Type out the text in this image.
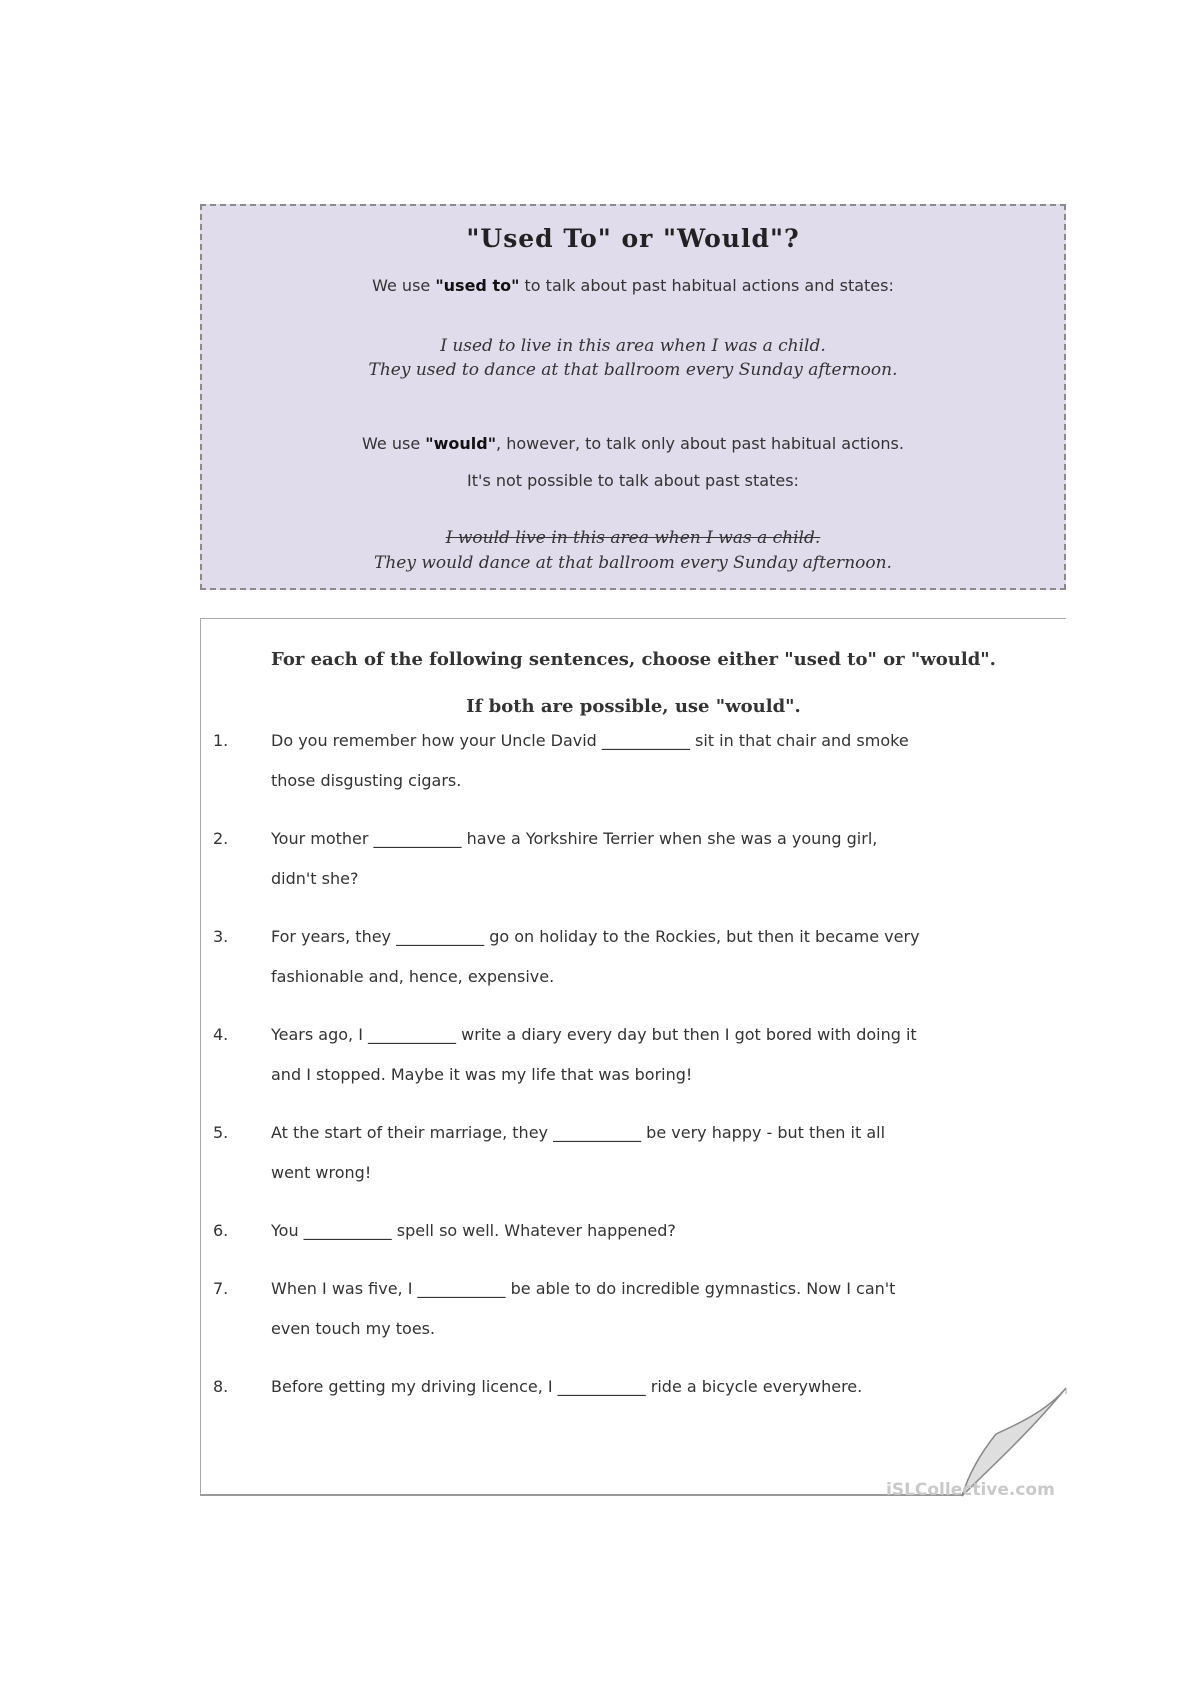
"Used To" or "Would"?
We use "used to" to talk about past habitual actions and states:
I used to live in this area when I was a child.
They used to dance at that ballroom every Sunday afternoon.
We use "would", however, to talk only about past habitual actions.
It's not possible to talk about past states:
I would live in this area when I was a child.
They would dance at that ballroom every Sunday afternoon.
For each of the following sentences, choose either "used to" or "would".
If both are possible, use "would".
1.	Do you remember how your Uncle David ___________ sit in that chair and smoke
those disgusting cigars.
2.	Your mother ___________ have a Yorkshire Terrier when she was a young girl,
didn't she?
3.	For years, they ___________ go on holiday to the Rockies, but then it became very
fashionable and, hence, expensive.
4.	Years ago, I ___________ write a diary every day but then I got bored with doing it
and I stopped. Maybe it was my life that was boring!
5.	At the start of their marriage, they ___________ be very happy - but then it all
went wrong!
6.	You ___________ spell so well. Whatever happened?
7.	When I was five, I ___________ be able to do incredible gymnastics. Now I can't
even touch my toes.
8.	Before getting my driving licence, I ___________ ride a bicycle everywhere.
iSLCollective.com
